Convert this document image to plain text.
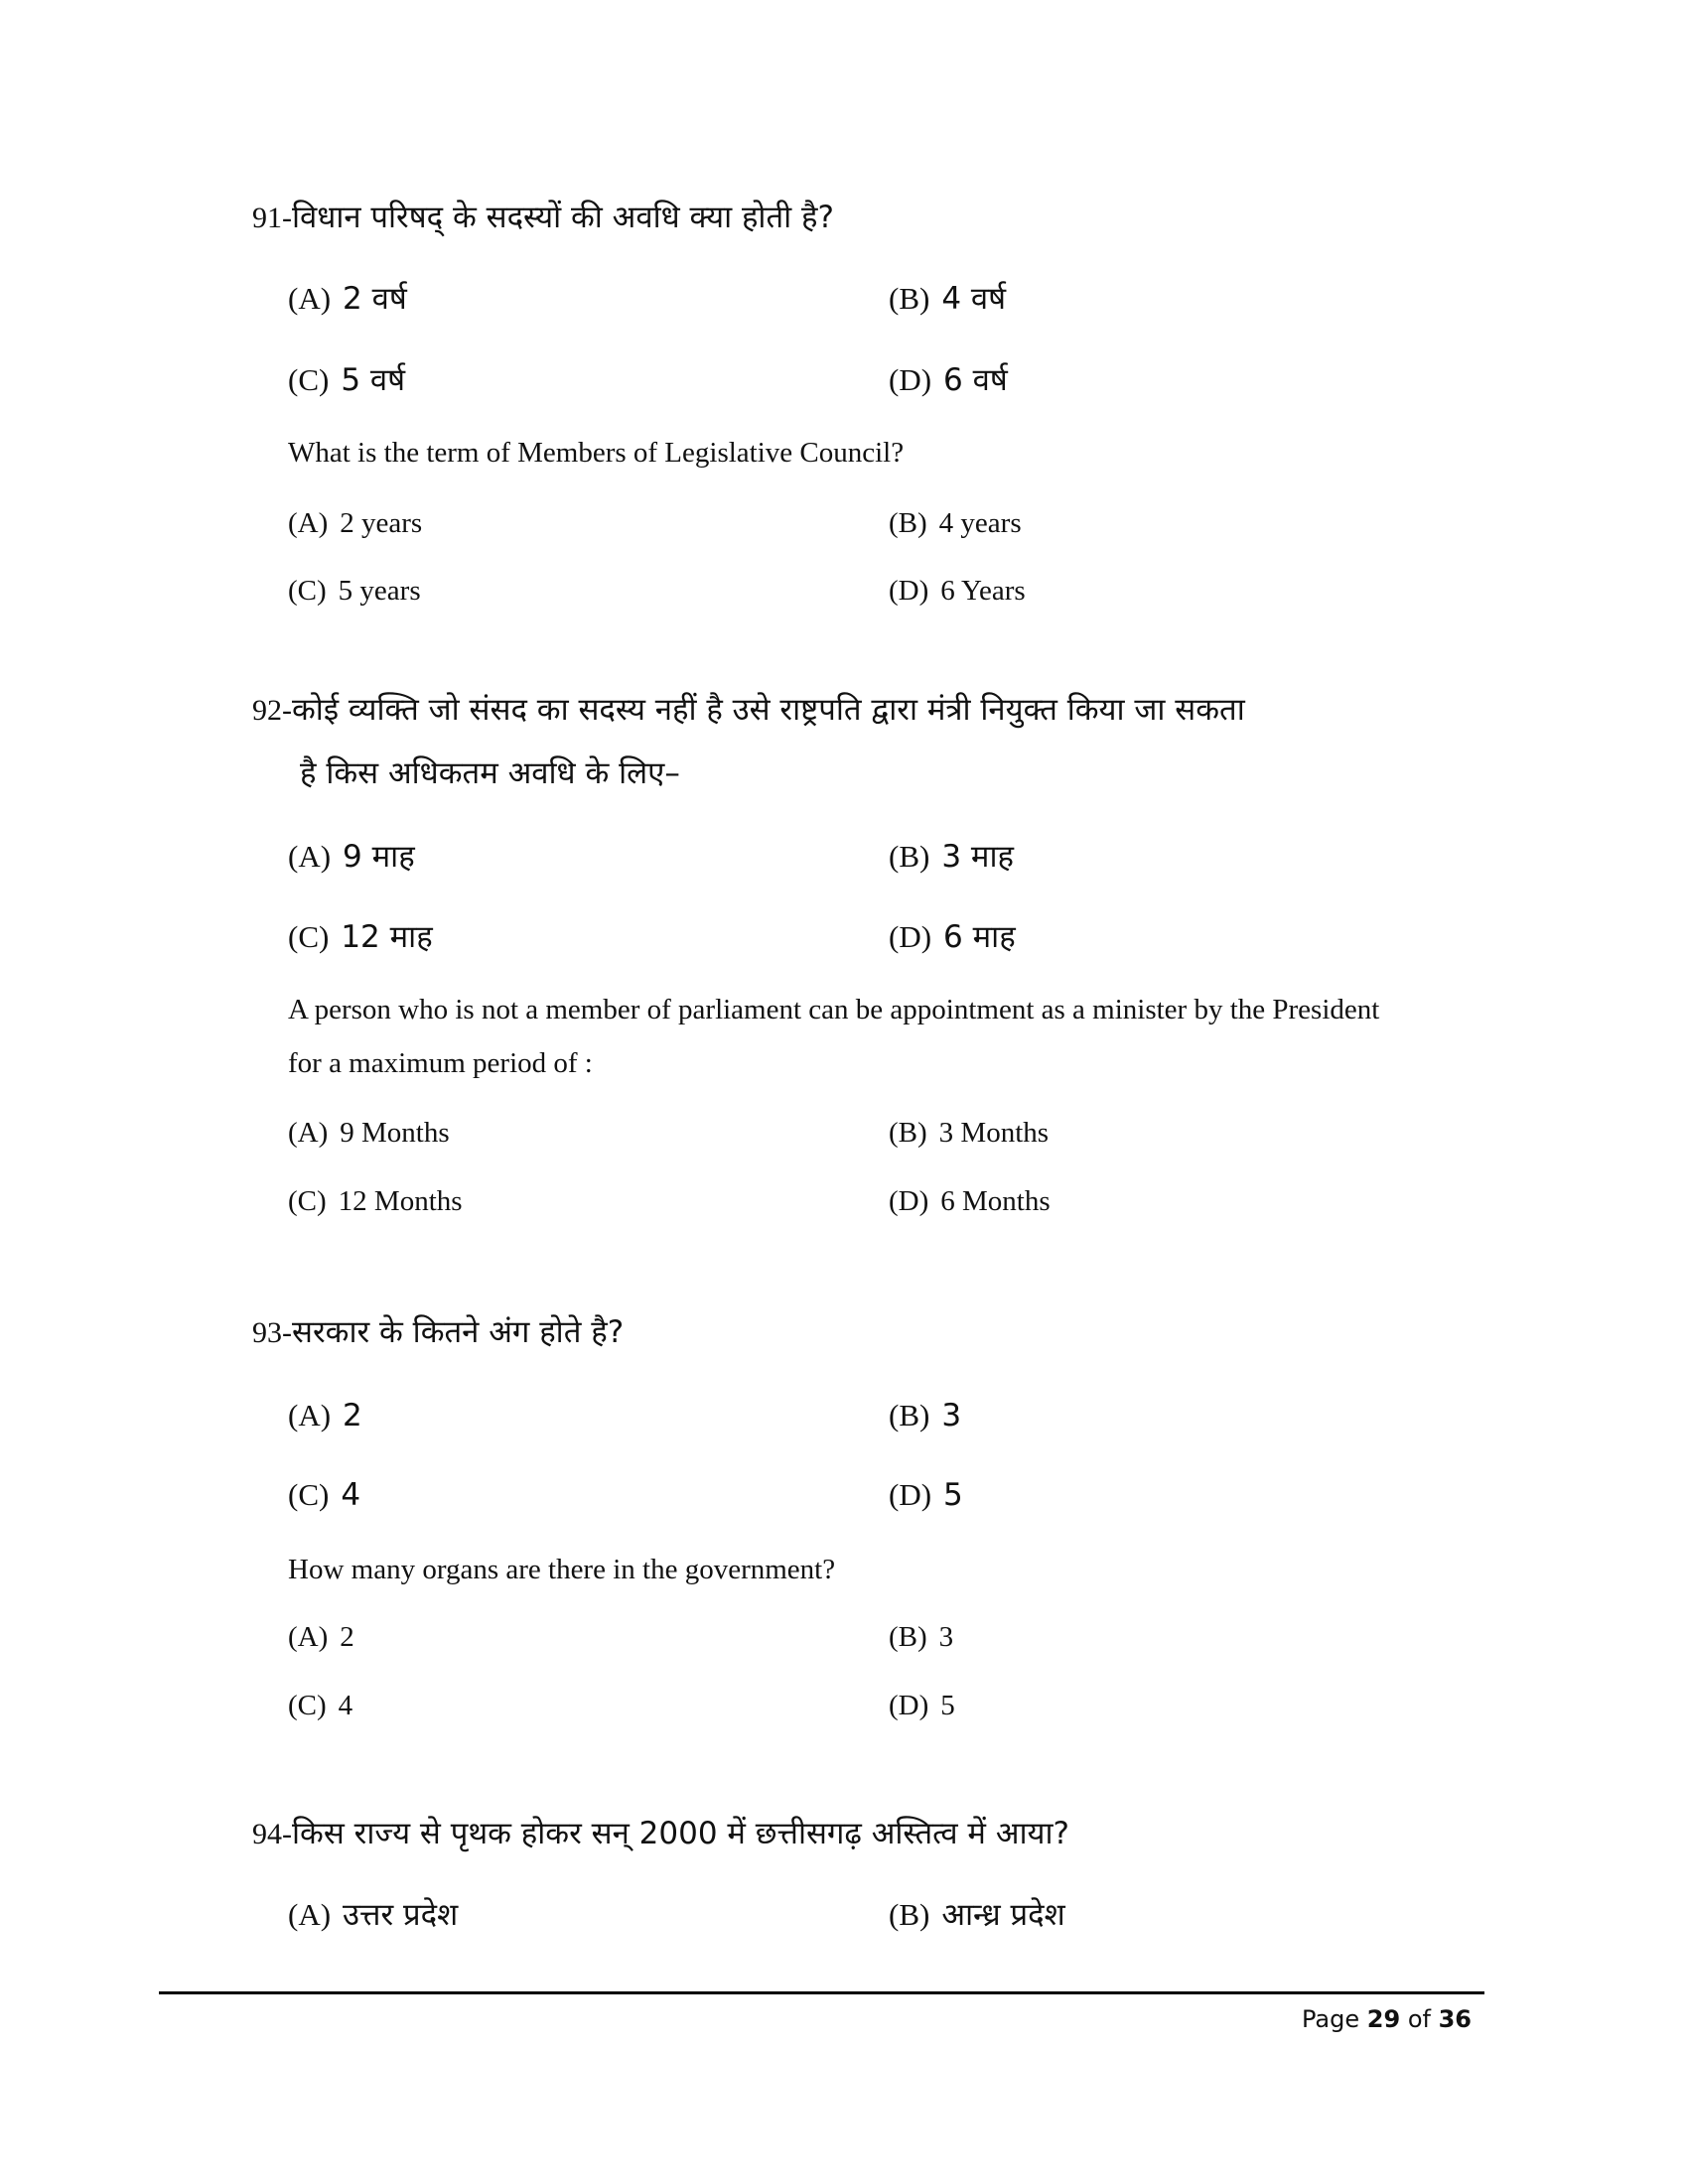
91-विधान परिषद् के सदस्यों की अवधि क्या होती है?
(A) 2 वर्ष	(B) 4 वर्ष
(C) 5 वर्ष	(D) 6 वर्ष
What is the term of Members of Legislative Council?
(A) 2 years	(B) 4 years
(C) 5 years	(D) 6 Years
92-कोई व्यक्ति जो संसद का सदस्य नहीं है उसे राष्ट्रपति द्वारा मंत्री नियुक्त किया जा सकता
है किस अधिकतम अवधि के लिए–
(A) 9 माह	(B) 3 माह
(C) 12 माह	(D) 6 माह
A person who is not a member of parliament can be appointment as a minister by the President
for a maximum period of :
(A) 9 Months	(B) 3 Months
(C) 12 Months	(D) 6 Months
93-सरकार के कितने अंग होते है?
(A) 2	(B) 3
(C) 4	(D) 5
How many organs are there in the government?
(A) 2	(B) 3
(C) 4	(D) 5
94-किस राज्य से पृथक होकर सन् 2000 में छत्तीसगढ़ अस्तित्व में आया?
(A) उत्तर प्रदेश	(B) आन्ध्र प्रदेश
Page 29 of 36
